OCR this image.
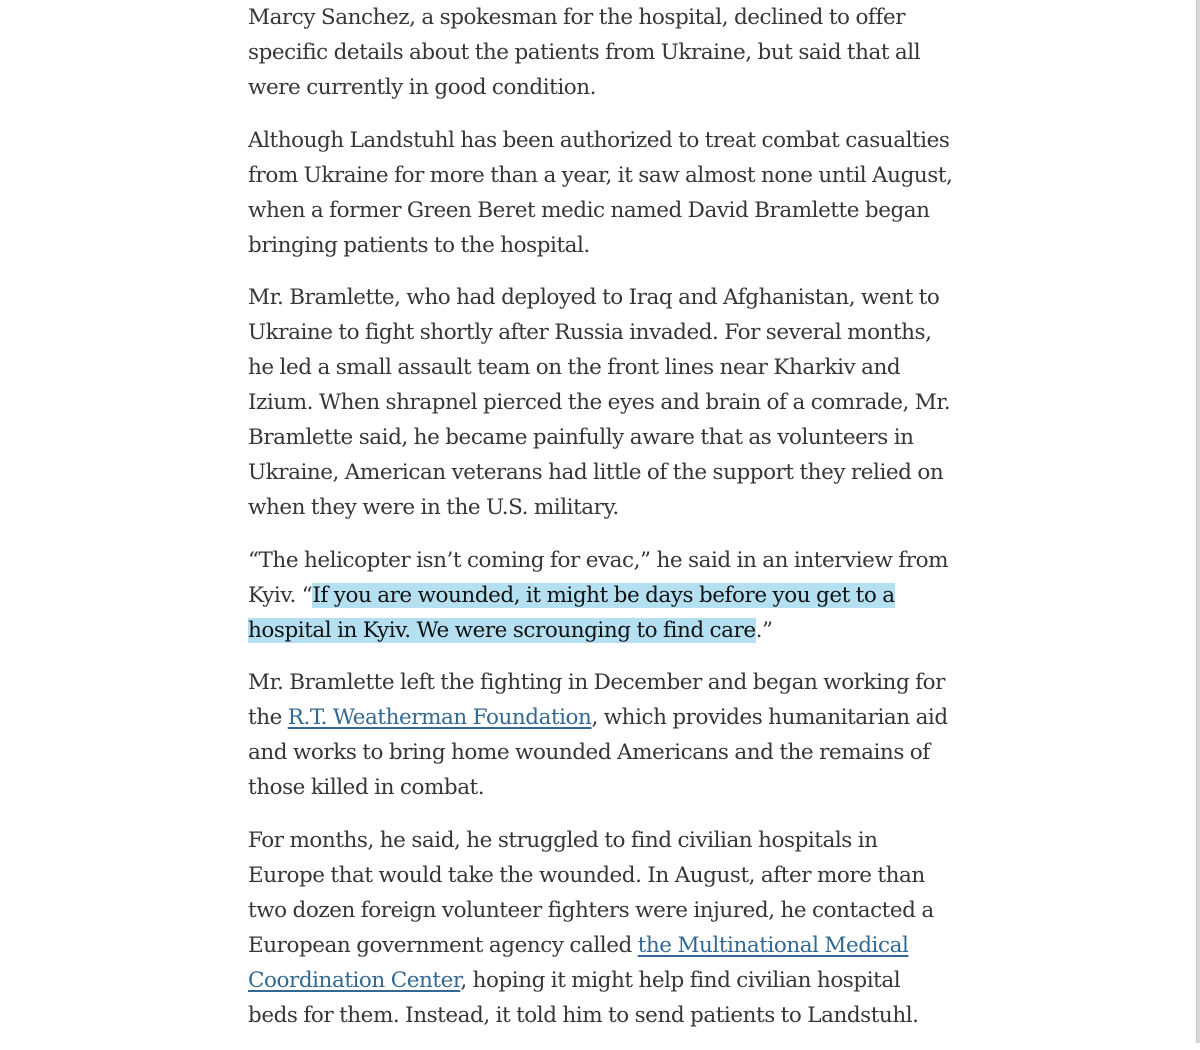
Marcy Sanchez, a spokesman for the hospital, declined to offer specific details about the patients from Ukraine, but said that all were currently in good condition.

Although Landstuhl has been authorized to treat combat casualties from Ukraine for more than a year, it saw almost none until August, when a former Green Beret medic named David Bramlette began bringing patients to the hospital.

Mr. Bramlette, who had deployed to Iraq and Afghanistan, went to Ukraine to fight shortly after Russia invaded. For several months, he led a small assault team on the front lines near Kharkiv and Izium. When shrapnel pierced the eyes and brain of a comrade, Mr. Bramlette said, he became painfully aware that as volunteers in Ukraine, American veterans had little of the support they relied on when they were in the U.S. military.

“The helicopter isn’t coming for evac,” he said in an interview from Kyiv. “If you are wounded, it might be days before you get to a hospital in Kyiv. We were scrounging to find care.”

Mr. Bramlette left the fighting in December and began working for the R.T. Weatherman Foundation, which provides humanitarian aid and works to bring home wounded Americans and the remains of those killed in combat.

For months, he said, he struggled to find civilian hospitals in Europe that would take the wounded. In August, after more than two dozen foreign volunteer fighters were injured, he contacted a European government agency called the Multinational Medical Coordination Center, hoping it might help find civilian hospital beds for them. Instead, it told him to send patients to Landstuhl.
